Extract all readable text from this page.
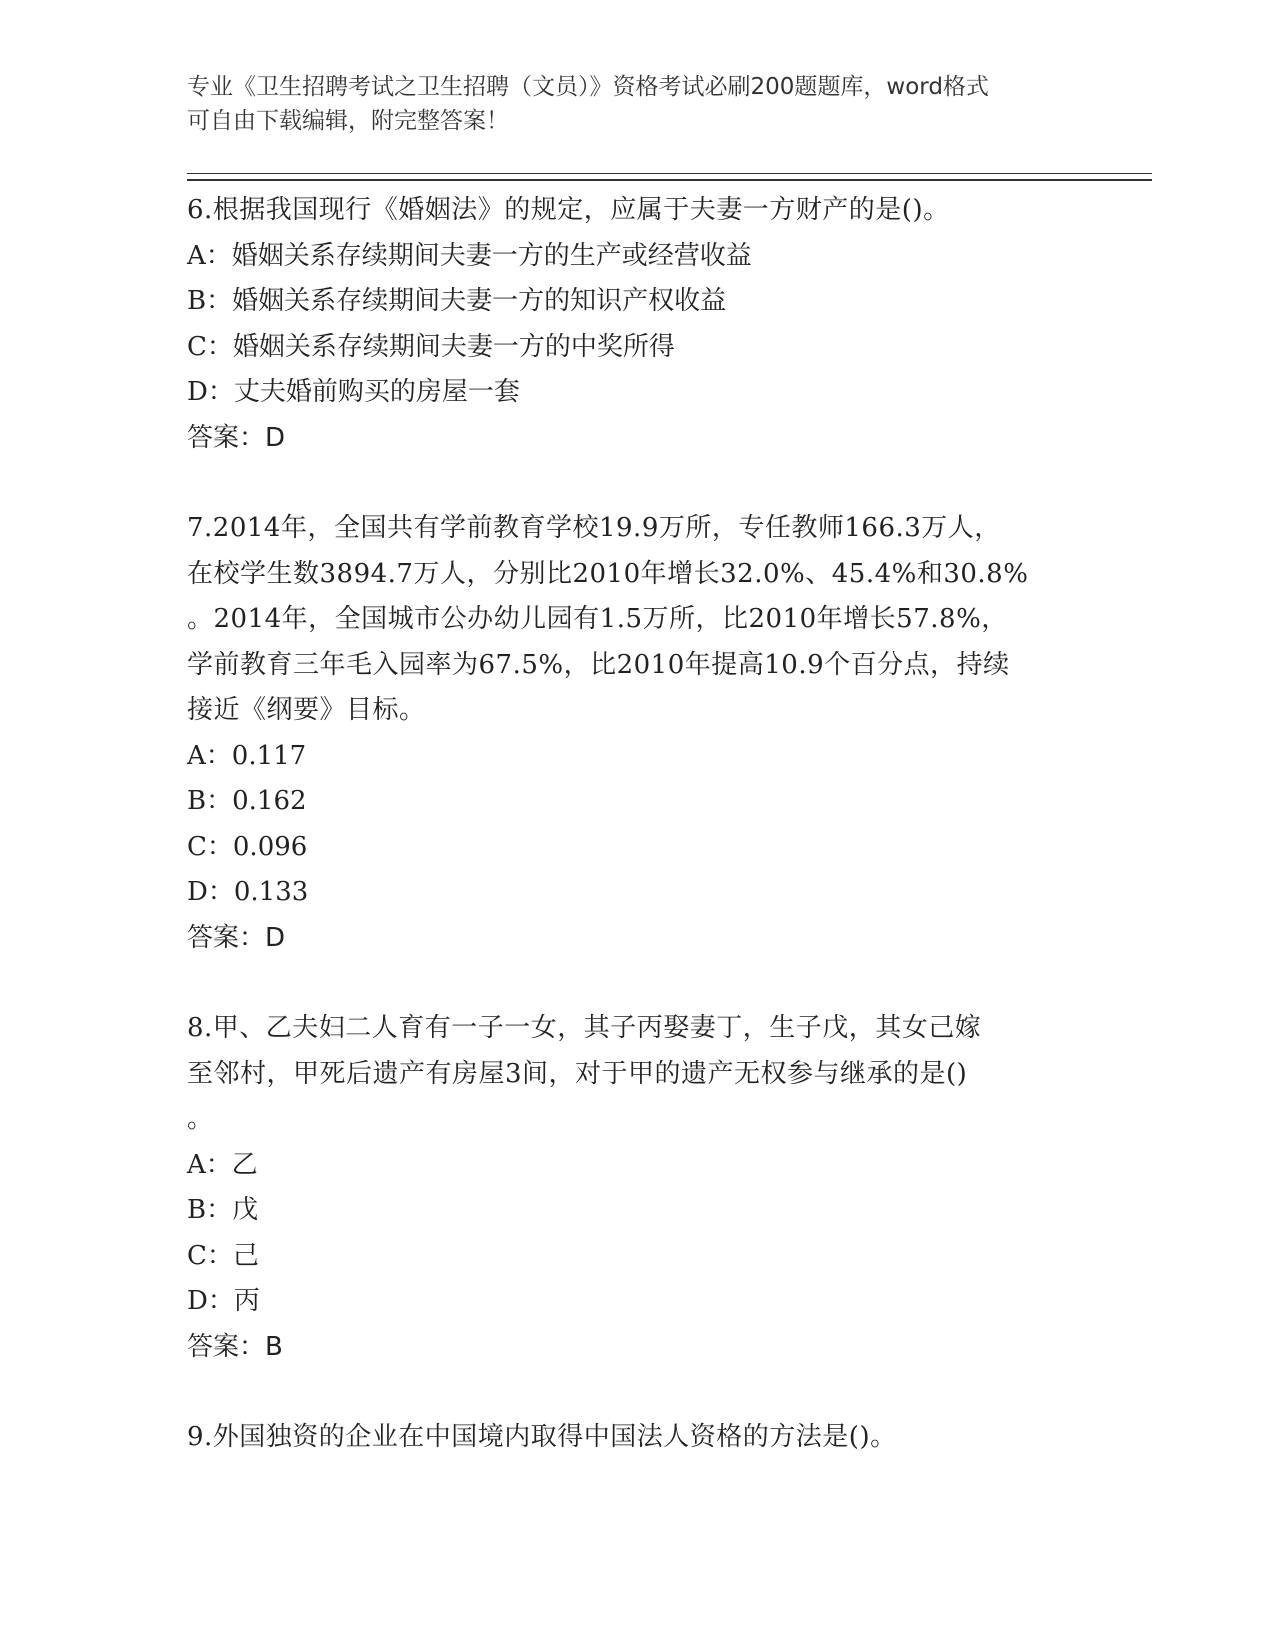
专业《卫生招聘考试之卫生招聘（文员）》资格考试必刷200题题库，word格式
可自由下载编辑，附完整答案！
6.根据我国现行《婚姻法》的规定，应属于夫妻一方财产的是()。
A：婚姻关系存续期间夫妻一方的生产或经营收益
B：婚姻关系存续期间夫妻一方的知识产权收益
C：婚姻关系存续期间夫妻一方的中奖所得
D：丈夫婚前购买的房屋一套
答案：D
7.2014年，全国共有学前教育学校19.9万所，专任教师166.3万人，
在校学生数3894.7万人，分别比2010年增长32.0%、45.4%和30.8%
。2014年，全国城市公办幼儿园有1.5万所，比2010年增长57.8%，
学前教育三年毛入园率为67.5%，比2010年提高10.9个百分点，持续
接近《纲要》目标。
A：0.117
B：0.162
C：0.096
D：0.133
答案：D
8.甲、乙夫妇二人育有一子一女，其子丙娶妻丁，生子戊，其女己嫁
至邻村，甲死后遗产有房屋3间，对于甲的遗产无权参与继承的是()
。
A：乙
B：戊
C：己
D：丙
答案：B
9.外国独资的企业在中国境内取得中国法人资格的方法是()。
